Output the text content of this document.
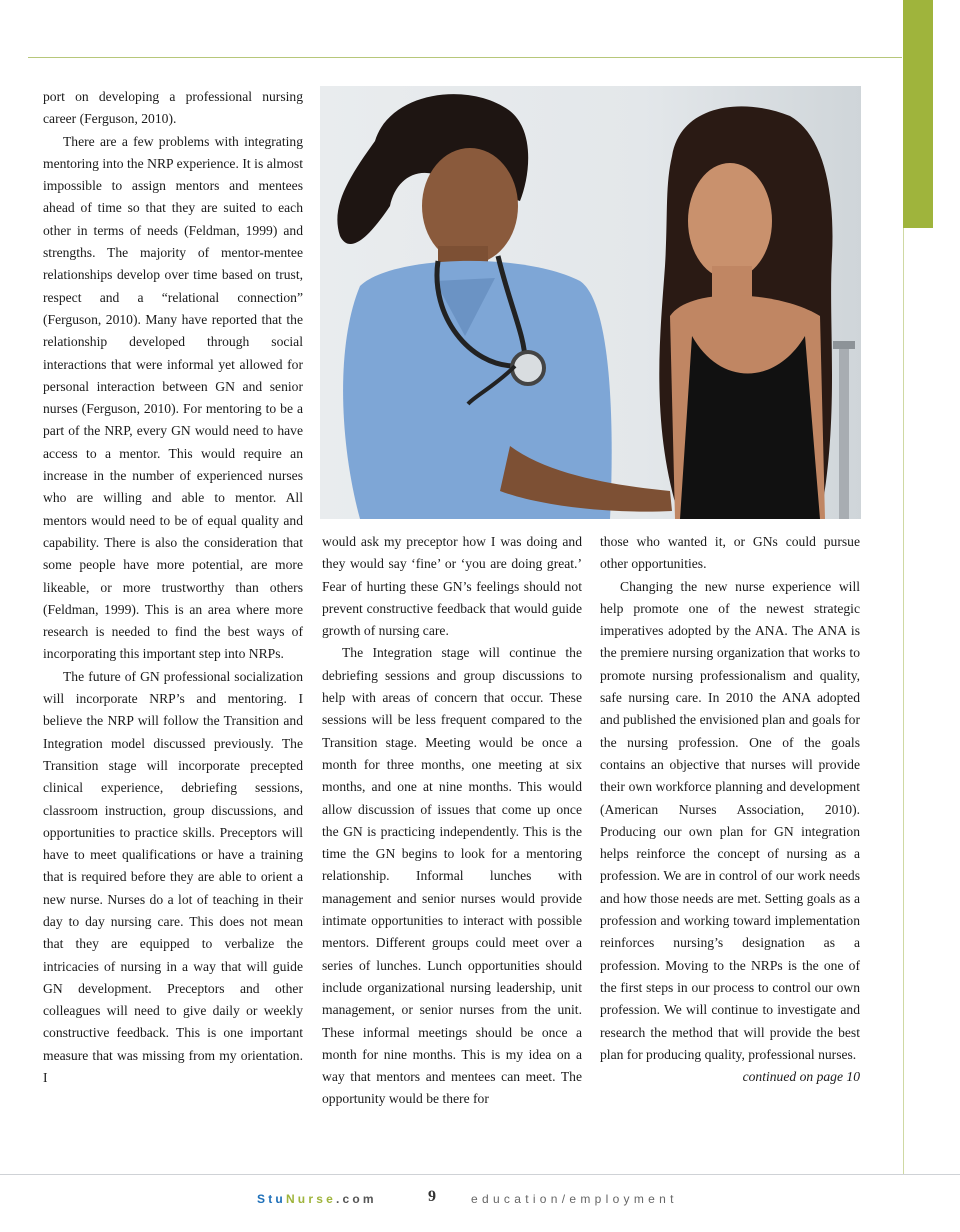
port on developing a professional nursing career (Ferguson, 2010).

There are a few problems with integrating mentoring into the NRP experience. It is almost impossible to assign mentors and mentees ahead of time so that they are suited to each other in terms of needs (Feldman, 1999) and strengths. The majority of mentor-mentee relationships develop over time based on trust, respect and a “relational connection” (Ferguson, 2010). Many have reported that the relationship developed through social interactions that were informal yet allowed for personal interaction between GN and senior nurses (Ferguson, 2010). For mentoring to be a part of the NRP, every GN would need to have access to a mentor. This would require an increase in the number of experienced nurses who are willing and able to mentor. All mentors would need to be of equal quality and capability. There is also the consideration that some people have more potential, are more likeable, or more trustworthy than others (Feldman, 1999). This is an area where more research is needed to find the best ways of incorporating this important step into NRPs.

The future of GN professional socialization will incorporate NRP’s and mentoring. I believe the NRP will follow the Transition and Integration model discussed previously. The Transition stage will incorporate precepted clinical experience, debriefing sessions, classroom instruction, group discussions, and opportunities to practice skills. Preceptors will have to meet qualifications or have a training that is required before they are able to orient a new nurse. Nurses do a lot of teaching in their day to day nursing care. This does not mean that they are equipped to verbalize the intricacies of nursing in a way that will guide GN development. Preceptors and other colleagues will need to give daily or weekly constructive feedback. This is one important measure that was missing from my orientation. I

would ask my preceptor how I was doing and they would say ‘fine’ or ‘you are doing great.’ Fear of hurting these GN’s feelings should not prevent constructive feedback that would guide growth of nursing care.

The Integration stage will continue the debriefing sessions and group discussions to help with areas of concern that occur. These sessions will be less frequent compared to the Transition stage. Meeting would be once a month for three months, one meeting at six months, and one at nine months. This would allow discussion of issues that come up once the GN is practicing independently. This is the time the GN begins to look for a mentoring relationship. Informal lunches with management and senior nurses would provide intimate opportunities to interact with possible mentors. Different groups could meet over a series of lunches. Lunch opportunities should include organizational nursing leadership, unit management, or senior nurses from the unit. These informal meetings should be once a month for nine months. This is my idea on a way that mentors and mentees can meet. The opportunity would be there for

those who wanted it, or GNs could pursue other opportunities.

Changing the new nurse experience will help promote one of the newest strategic imperatives adopted by the ANA. The ANA is the premiere nursing organization that works to promote nursing professionalism and quality, safe nursing care. In 2010 the ANA adopted and published the envisioned plan and goals for the nursing profession. One of the goals contains an objective that nurses will provide their own workforce planning and development (American Nurses Association, 2010). Producing our own plan for GN integration helps reinforce the concept of nursing as a profession. We are in control of our work needs and how those needs are met. Setting goals as a profession and working toward implementation reinforces nursing’s designation as a profession. Moving to the NRPs is the one of the first steps in our process to control our own profession. We will continue to investigate and research the method that will provide the best plan for producing quality, professional nurses.

continued on page 10

StuNurse.com	9	education/employment
